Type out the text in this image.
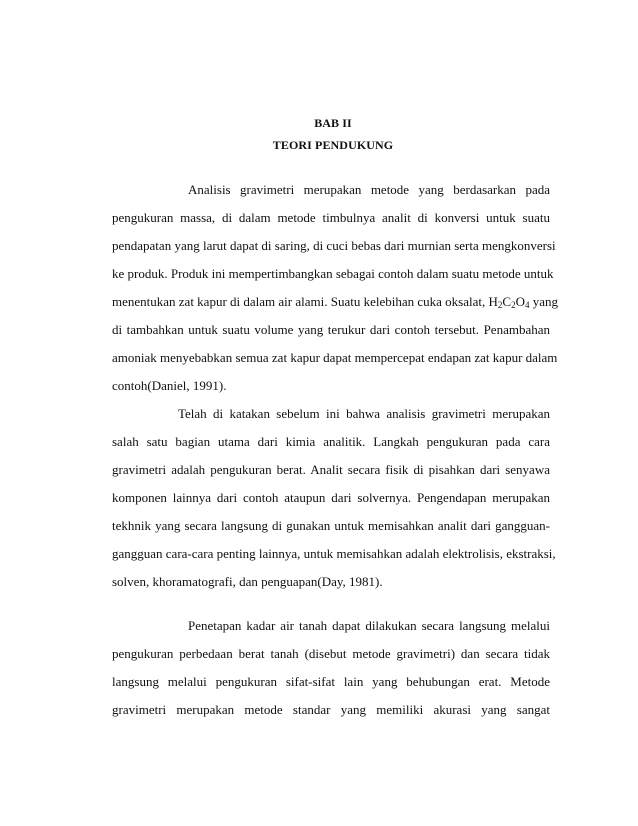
BAB II
TEORI PENDUKUNG
Analisis gravimetri merupakan metode yang berdasarkan pada
pengukuran massa, di dalam metode timbulnya analit di konversi untuk suatu
pendapatan yang larut dapat di saring, di cuci bebas dari murnian serta mengkonversi
ke produk. Produk ini mempertimbangkan sebagai contoh dalam suatu metode untuk
menentukan zat kapur di dalam air alami. Suatu kelebihan cuka oksalat, $H_2C_2O_4$ yang
di tambahkan untuk suatu volume yang terukur dari contoh tersebut. Penambahan
amoniak menyebabkan semua zat kapur dapat mempercepat endapan zat kapur dalam
contoh(Daniel, 1991).
Telah di katakan sebelum ini bahwa analisis gravimetri merupakan
salah satu bagian utama dari kimia analitik. Langkah pengukuran pada cara
gravimetri adalah pengukuran berat. Analit secara fisik di pisahkan dari senyawa
komponen lainnya dari contoh ataupun dari solvernya. Pengendapan merupakan
tekhnik yang secara langsung di gunakan untuk memisahkan analit dari gangguan-
gangguan cara-cara penting lainnya, untuk memisahkan adalah elektrolisis, ekstraksi,
solven, khoramatografi, dan penguapan(Day, 1981).
Penetapan kadar air tanah dapat dilakukan secara langsung melalui
pengukuran perbedaan berat tanah (disebut metode gravimetri) dan secara tidak
langsung melalui pengukuran sifat-sifat lain yang behubungan erat. Metode
gravimetri merupakan metode standar yang memiliki akurasi yang sangat
